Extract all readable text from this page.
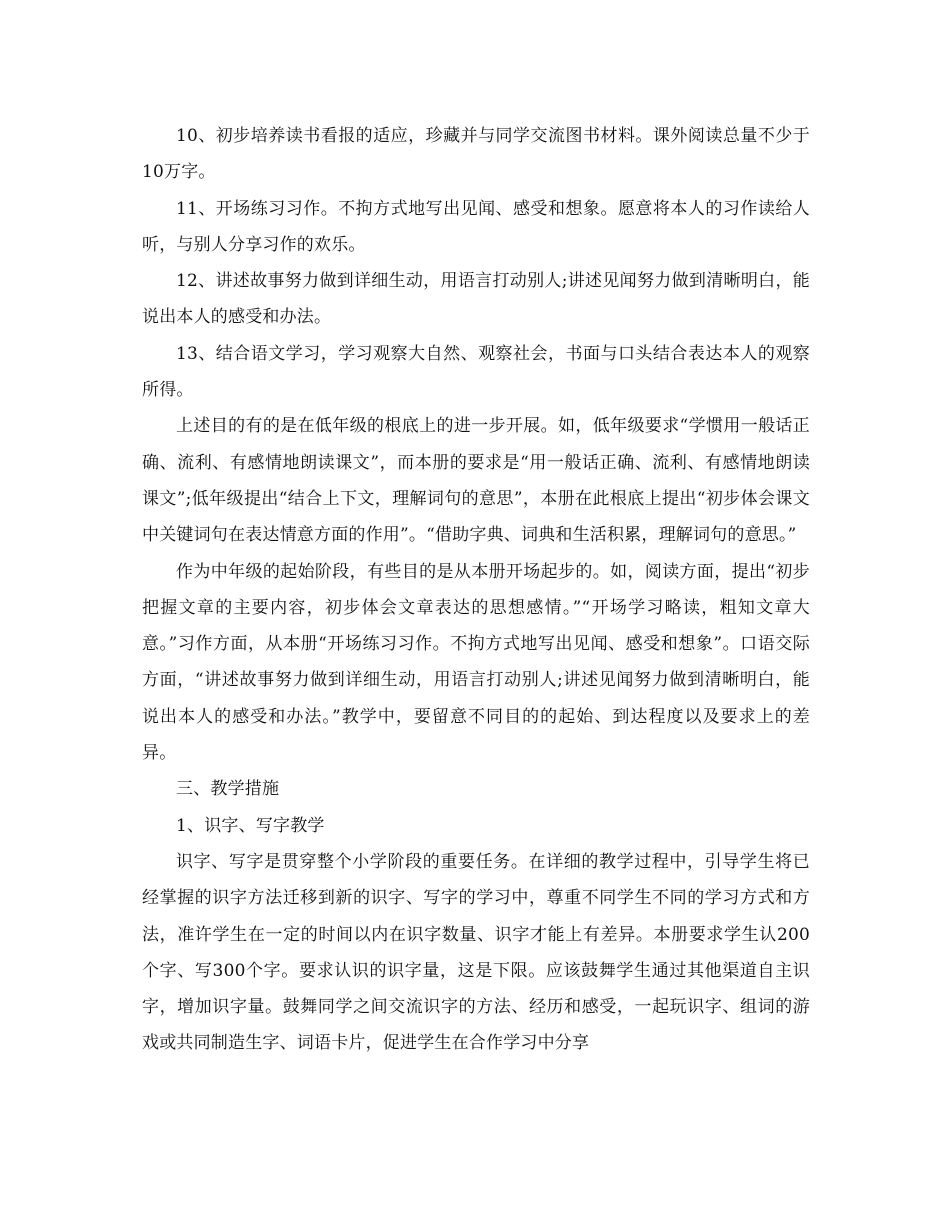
10、初步培养读书看报的适应，珍藏并与同学交流图书材料。课外阅读总量不少于10万字。

11、开场练习习作。不拘方式地写出见闻、感受和想象。愿意将本人的习作读给人听，与别人分享习作的欢乐。

12、讲述故事努力做到详细生动，用语言打动别人;讲述见闻努力做到清晰明白，能说出本人的感受和办法。

13、结合语文学习，学习观察大自然、观察社会，书面与口头结合表达本人的观察所得。

上述目的有的是在低年级的根底上的进一步开展。如，低年级要求“学惯用一般话正确、流利、有感情地朗读课文”，而本册的要求是“用一般话正确、流利、有感情地朗读课文”;低年级提出“结合上下文，理解词句的意思”，本册在此根底上提出“初步体会课文中关键词句在表达情意方面的作用”。“借助字典、词典和生活积累，理解词句的意思。”

作为中年级的起始阶段，有些目的是从本册开场起步的。如，阅读方面，提出“初步把握文章的主要内容，初步体会文章表达的思想感情。”“开场学习略读，粗知文章大意。”习作方面，从本册“开场练习习作。不拘方式地写出见闻、感受和想象”。口语交际方面，“讲述故事努力做到详细生动，用语言打动别人;讲述见闻努力做到清晰明白，能说出本人的感受和办法。”教学中，要留意不同目的的起始、到达程度以及要求上的差异。

三、教学措施

1、识字、写字教学

识字、写字是贯穿整个小学阶段的重要任务。在详细的教学过程中，引导学生将已经掌握的识字方法迁移到新的识字、写字的学习中，尊重不同学生不同的学习方式和方法，准许学生在一定的时间以内在识字数量、识字才能上有差异。本册要求学生认200个字、写300个字。要求认识的识字量，这是下限。应该鼓舞学生通过其他渠道自主识字，增加识字量。鼓舞同学之间交流识字的方法、经历和感受，一起玩识字、组词的游戏或共同制造生字、词语卡片，促进学生在合作学习中分享
